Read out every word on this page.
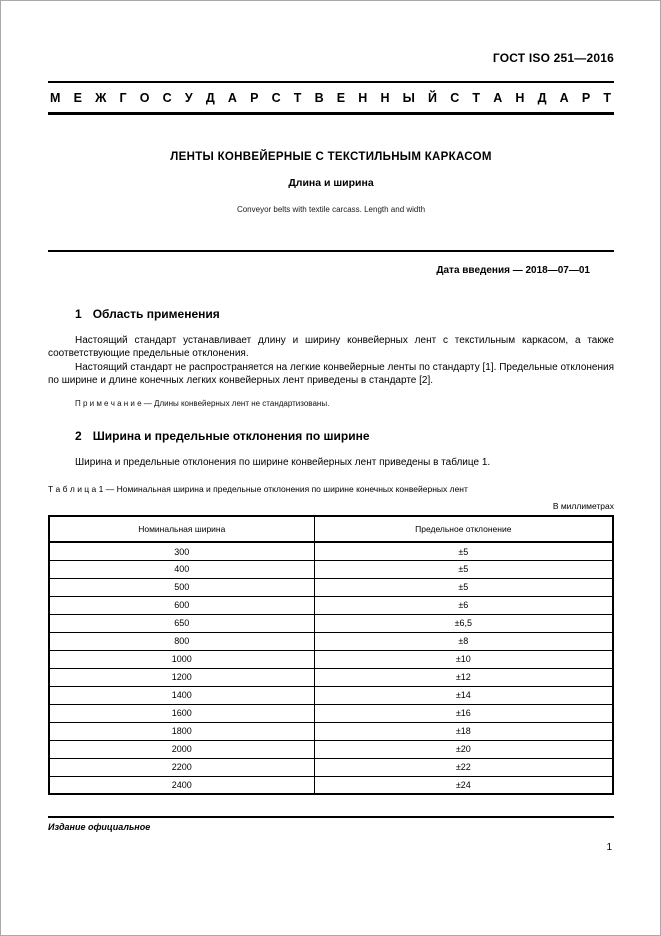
ГОСТ ISO 251—2016
М Е Ж Г О С У Д А Р С Т В Е Н Н Ы Й С Т А Н Д А Р Т
ЛЕНТЫ КОНВЕЙЕРНЫЕ С ТЕКСТИЛЬНЫМ КАРКАСОМ
Длина и ширина
Conveyor belts with textile carcass. Length and width
Дата введения — 2018—07—01
1 Область применения

Настоящий стандарт устанавливает длину и ширину конвейерных лент с текстильным каркасом, а также соответствующие предельные отклонения.

Настоящий стандарт не распространяется на легкие конвейерные ленты по стандарту [1]. Предельные отклонения по ширине и длине конечных легких конвейерных лент приведены в стандарте [2].

П р и м е ч а н и е — Длины конвейерных лент не стандартизованы.

2 Ширина и предельные отклонения по ширине

Ширина и предельные отклонения по ширине конвейерных лент приведены в таблице 1.

Т а б л и ц а 1 — Номинальная ширина и предельные отклонения по ширине конечных конвейерных лент
В миллиметрах
Номинальная ширина	Предельное отклонение
300	±5
400	±5
500	±5
600	±6
650	±6,5
800	±8
1000	±10
1200	±12
1400	±14
1600	±16
1800	±18
2000	±20
2200	±22
2400	±24
Издание официальное
1
